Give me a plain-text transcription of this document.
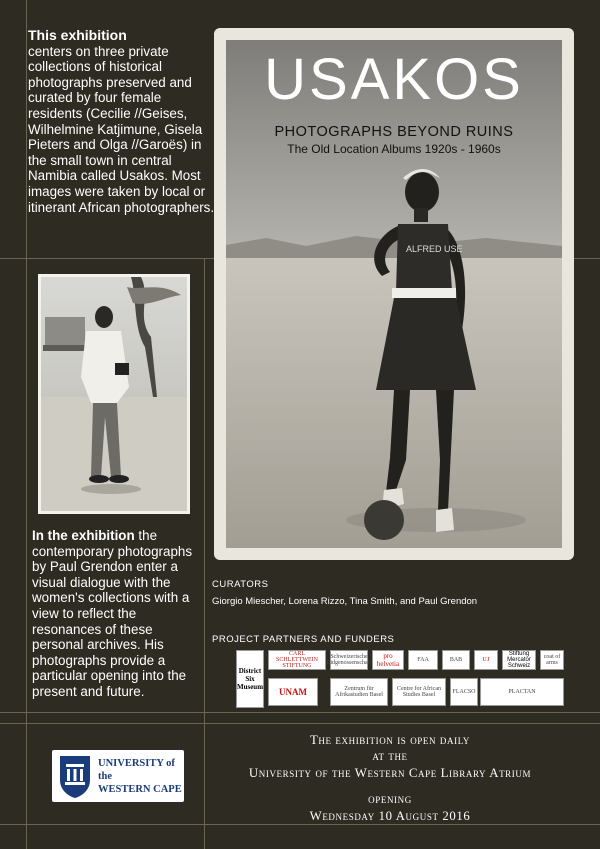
This exhibition
centers on three private collections of historical photographs preserved and curated by four female residents (Cecilie //Geises, Wilhelmine Katjimune, Gisela Pieters and Olga //Garoës) in the small town in central Namibia called Usakos. Most images were taken by local or itinerant African photographers.
In the exhibition the contemporary photographs by Paul Grendon enter a visual dialogue with the women's collections with a view to reflect the resonances of these personal archives. His photographs provide a particular opening into the present and future.
ALFRED USE
USAKOS
PHOTOGRAPHS BEYOND RUINS
The Old Location Albums 1920s - 1960s
CURATORS
Giorgio Miescher, Lorena Rizzo, Tina Smith, and Paul Grendon
PROJECT PARTNERS AND FUNDERS
District Six Museum
CARL SCHLETTWEIN STIFTUNG
Schweizerische Eidgenossenschaft
pro helvetia	FAA	BAB	UJ
Stiftung Mercator Schweiz
coat of arms
UNAM	Zentrum für Afrikastudien Basel
Centre for African Studies Basel	FLACSO	PLACTAN
UNIVERSITY of the
WESTERN CAPE
The exhibition is open daily
at the
University of the Western Cape Library Atrium
opening
Wednesday 10 August 2016
